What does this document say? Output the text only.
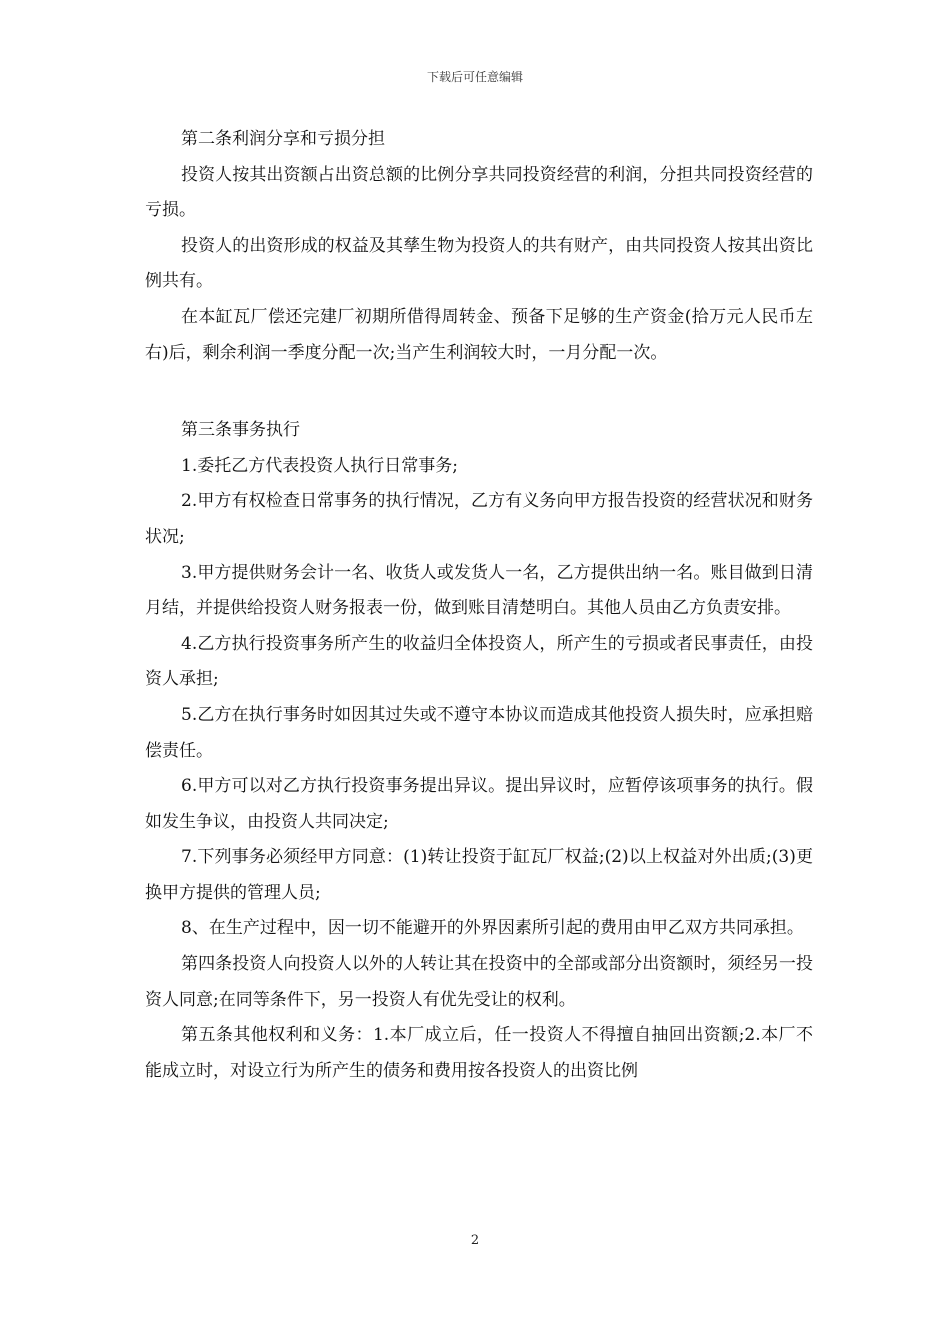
下载后可任意编辑

第二条利润分享和亏损分担

投资人按其出资额占出资总额的比例分享共同投资经营的利润，分担共同投资经营的亏损。

投资人的出资形成的权益及其孳生物为投资人的共有财产，由共同投资人按其出资比例共有。

在本缸瓦厂偿还完建厂初期所借得周转金、预备下足够的生产资金(拾万元人民币左右)后，剩余利润一季度分配一次;当产生利润较大时，一月分配一次。

第三条事务执行

1.委托乙方代表投资人执行日常事务;

2.甲方有权检查日常事务的执行情况，乙方有义务向甲方报告投资的经营状况和财务状况;

3.甲方提供财务会计一名、收货人或发货人一名，乙方提供出纳一名。账目做到日清月结，并提供给投资人财务报表一份，做到账目清楚明白。其他人员由乙方负责安排。

4.乙方执行投资事务所产生的收益归全体投资人，所产生的亏损或者民事责任，由投资人承担;

5.乙方在执行事务时如因其过失或不遵守本协议而造成其他投资人损失时，应承担赔偿责任。

6.甲方可以对乙方执行投资事务提出异议。提出异议时，应暂停该项事务的执行。假如发生争议，由投资人共同决定;

7.下列事务必须经甲方同意：(1)转让投资于缸瓦厂权益;(2)以上权益对外出质;(3)更换甲方提供的管理人员;

8、在生产过程中，因一切不能避开的外界因素所引起的费用由甲乙双方共同承担。

第四条投资人向投资人以外的人转让其在投资中的全部或部分出资额时，须经另一投资人同意;在同等条件下，另一投资人有优先受让的权利。

第五条其他权利和义务：1.本厂成立后，任一投资人不得擅自抽回出资额;2.本厂不能成立时，对设立行为所产生的债务和费用按各投资人的出资比例

2
